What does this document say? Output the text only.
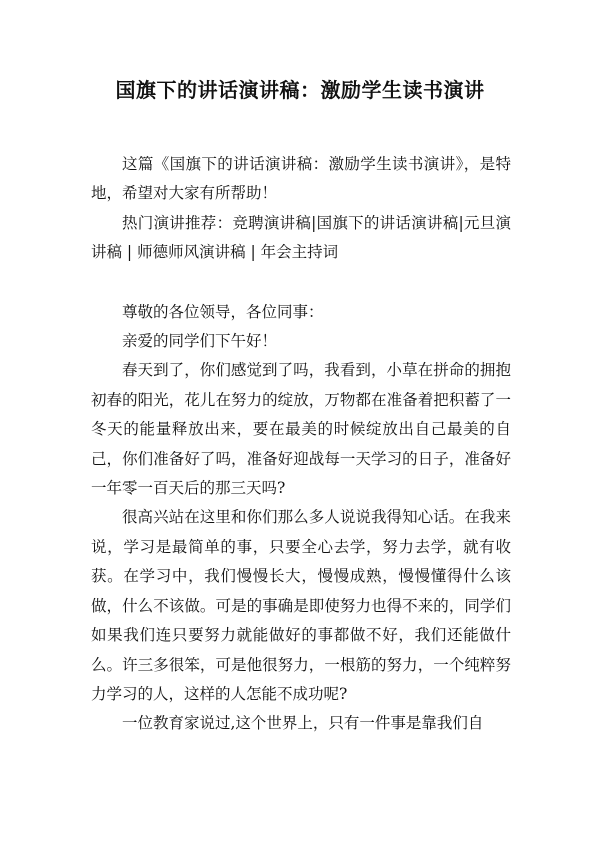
国旗下的讲话演讲稿：激励学生读书演讲

这篇《国旗下的讲话演讲稿：激励学生读书演讲》，是特地，希望对大家有所帮助！

热门演讲推荐：竞聘演讲稿|国旗下的讲话演讲稿|元旦演讲稿 | 师德师风演讲稿 | 年会主持词

尊敬的各位领导，各位同事：

亲爱的同学们下午好！

春天到了，你们感觉到了吗，我看到，小草在拼命的拥抱初春的阳光，花儿在努力的绽放，万物都在准备着把积蓄了一冬天的能量释放出来，要在最美的时候绽放出自己最美的自己，你们准备好了吗，准备好迎战每一天学习的日子，准备好一年零一百天后的那三天吗?

很高兴站在这里和你们那么多人说说我得知心话。在我来说，学习是最简单的事，只要全心去学，努力去学，就有收获。在学习中，我们慢慢长大，慢慢成熟，慢慢懂得什么该做，什么不该做。可是的事确是即使努力也得不来的，同学们如果我们连只要努力就能做好的事都做不好，我们还能做什么。许三多很笨，可是他很努力，一根筋的努力，一个纯粹努力学习的人，这样的人怎能不成功呢?

一位教育家说过,这个世界上，只有一件事是靠我们自
